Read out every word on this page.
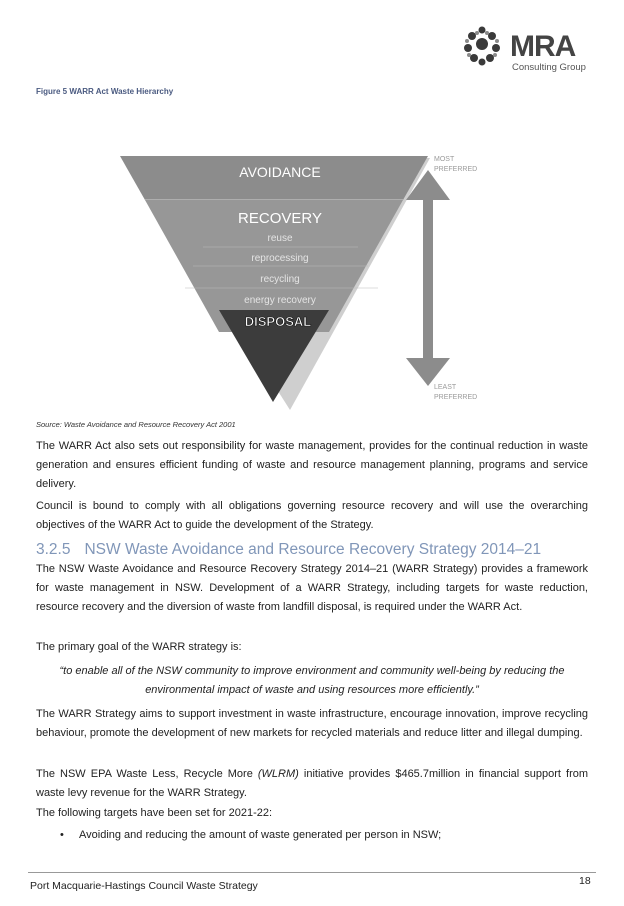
MRA
Consulting Group
Figure 5 WARR Act Waste Hierarchy
AVOIDANCE
RECOVERY
reuse
reprocessing
recycling
energy recovery
DISPOSAL
MOST
PREFERRED
LEAST
PREFERRED
Source: Waste Avoidance and Resource Recovery Act 2001
The WARR Act also sets out responsibility for waste management, provides for the continual reduction in waste generation and ensures efficient funding of waste and resource management planning, programs and service delivery.
Council is bound to comply with all obligations governing resource recovery and will use the overarching objectives of the WARR Act to guide the development of the Strategy.
3.2.5 NSW Waste Avoidance and Resource Recovery Strategy 2014–21
The NSW Waste Avoidance and Resource Recovery Strategy 2014–21 (WARR Strategy) provides a framework for waste management in NSW. Development of a WARR Strategy, including targets for waste reduction, resource recovery and the diversion of waste from landfill disposal, is required under the WARR Act.
The primary goal of the WARR strategy is:
“to enable all of the NSW community to improve environment and community well-being by reducing the environmental impact of waste and using resources more efficiently.”
The WARR Strategy aims to support investment in waste infrastructure, encourage innovation, improve recycling behaviour, promote the development of new markets for recycled materials and reduce litter and illegal dumping.
The NSW EPA Waste Less, Recycle More (WLRM) initiative provides $465.7million in financial support from waste levy revenue for the WARR Strategy.
The following targets have been set for 2021-22:
• Avoiding and reducing the amount of waste generated per person in NSW;
Port Macquarie-Hastings Council Waste Strategy	18
